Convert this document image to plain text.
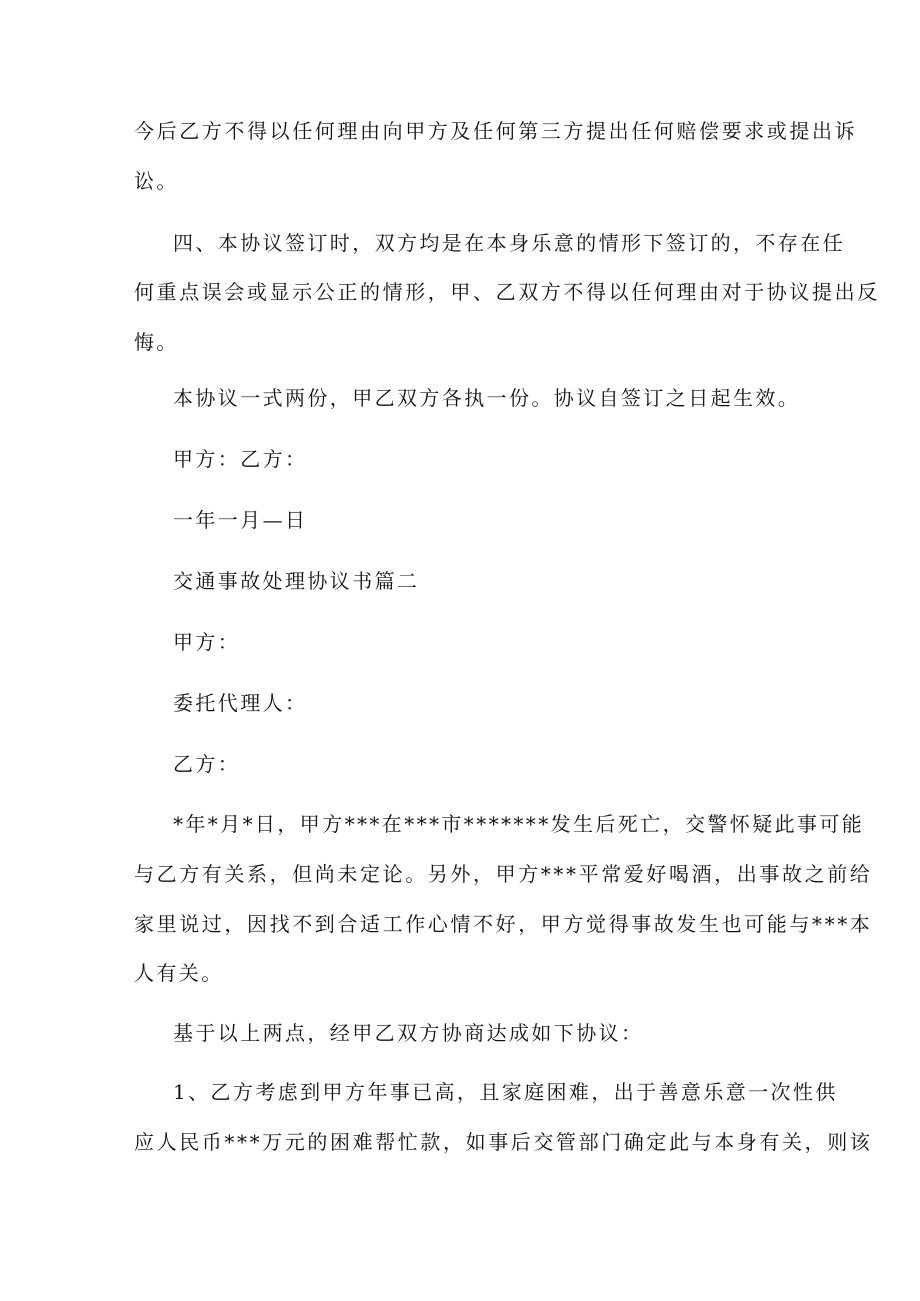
今后乙方不得以任何理由向甲方及任何第三方提出任何赔偿要求或提出诉
讼。
四、本协议签订时，双方均是在本身乐意的情形下签订的，不存在任
何重点误会或显示公正的情形，甲、乙双方不得以任何理由对于协议提出反
悔。
本协议一式两份，甲乙双方各执一份。协议自签订之日起生效。
甲方：乙方：
一年一月—日
交通事故处理协议书篇二
甲方：
委托代理人：
乙方：
*年*月*日，甲方***在***市*******发生后死亡，交警怀疑此事可能
与乙方有关系，但尚未定论。另外，甲方***平常爱好喝酒，出事故之前给
家里说过，因找不到合适工作心情不好，甲方觉得事故发生也可能与***本
人有关。
基于以上两点，经甲乙双方协商达成如下协议：
1、乙方考虑到甲方年事已高，且家庭困难，出于善意乐意一次性供
应人民币***万元的困难帮忙款，如事后交管部门确定此与本身有关，则该
